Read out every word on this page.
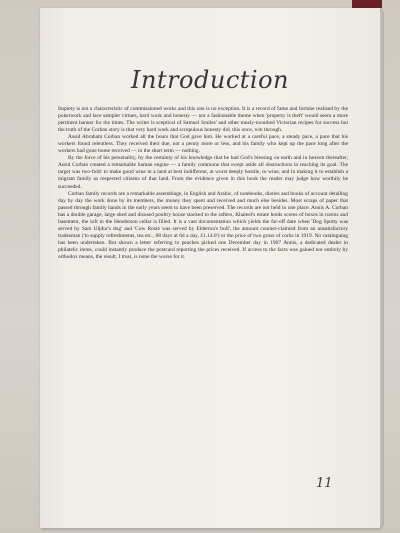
Introduction

Impiety is not a characteristic of commissioned works and this one is no exception. It is a record of fame and fortune realised by the pokerwork and lace sampler virtues, hard work and honesty — not a fashionable theme when 'property is theft' would seem a more pertinent banner for the times. The writer is sceptical of Samuel Smiles' and other mealy-mouthed Victorian recipes for success but the truth of the Corban story is that very hard work and scrupulous honesty did, this once, win through.

Assid Abraham Corban worked all the hours that God gave him. He worked at a careful pace, a steady pace, a pace that his workers found relentless. They received their due, not a penny more or less, and his family who kept up the pace long after the workers had gone home received — in the short term — nothing.

By the force of his personality, by the certainty of his knowledge that he had God's blessing on earth and in heaven thereafter, Assid Corban created a remarkable human engine — a family commune that swept aside all obstructions in reaching its goal. The target was two-fold: to make good wine in a land at best indifferent, at worst deeply hostile, to wine, and in making it to establish a migrant family as respected citizens of that land. From the evidence given in this book the reader may judge how worthily he succeeded.

Corban family records are a remarkable assemblage, in English and Arabic, of notebooks, diaries and books of account detailing day by day the work done by its members, the money they spent and received and much else besides. Most scraps of paper that passed through family hands in the early years seem to have been preserved. The records are not held in one place. Annis A. Corban has a double garage, large shed and disused poultry house stacked to the rafters, Khaleel's estate holds scores of boxes in rooms and basement, the loft in the Henderson cellar is filled. It is a vast documentation which yields the far-off date when 'Dog Spotty was served by Sam Uljdur's dog' and 'Cow Rosie was served by Elderton's bull', the amount counter-claimed from an unsatisfactory tradesman ('to supply refreshments, tea etc., 68 days at 6d a day, £1.14.0') or the price of two gross of corks in 1919. No cataloguing has been undertaken. But shown a letter referring to peaches picked one December day in 1907 Annis, a dedicated dealer in philatelic items, could instantly produce the postcard reporting the prices received. If access to the facts was gained not entirely by orthodox means, the result, I trust, is none the worse for it.

11
